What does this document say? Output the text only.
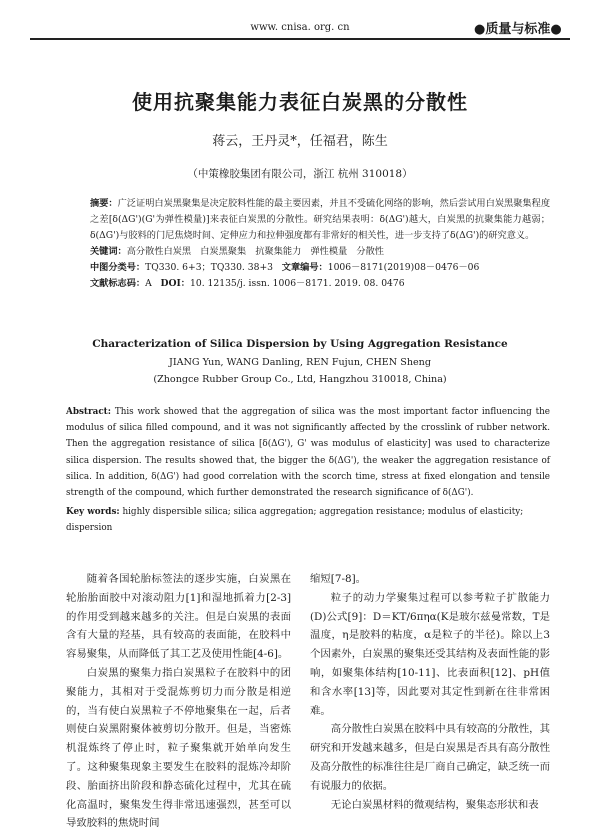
www. cnisa. org. cn	●质量与标准●
使用抗聚集能力表征白炭黑的分散性
蒋云，王丹灵*，任福君，陈生
（中策橡胶集团有限公司，浙江 杭州 310018）
摘要：广泛证明白炭黑聚集是决定胶料性能的最主要因素，并且不受硫化网络的影响，然后尝试用白炭黑聚集程度之差[δ(ΔG')(G'为弹性模量)]来表征白炭黑的分散性。研究结果表明：δ(ΔG')越大，白炭黑的抗聚集能力越弱；δ(ΔG')与胶料的门尼焦烧时间、定伸应力和拉伸强度都有非常好的相关性，进一步支持了δ(ΔG')的研究意义。
关键词：高分散性白炭黑　白炭黑聚集　抗聚集能力　弹性模量　分散性
中图分类号：TQ330. 6+3；TQ330. 38+3 文章编号：1006－8171(2019)08－0476－06
文献标志码：A DOI：10. 12135/j. issn. 1006－8171. 2019. 08. 0476
Characterization of Silica Dispersion by Using Aggregation Resistance
JIANG Yun, WANG Danling, REN Fujun, CHEN Sheng
(Zhongce Rubber Group Co., Ltd, Hangzhou 310018, China)
Abstract: This work showed that the aggregation of silica was the most important factor influencing the modulus of silica filled compound, and it was not significantly affected by the crosslink of rubber network. Then the aggregation resistance of silica [δ(ΔG'), G' was modulus of elasticity] was used to characterize silica dispersion. The results showed that, the bigger the δ(ΔG'), the weaker the aggregation resistance of silica. In addition, δ(ΔG') had good correlation with the scorch time, stress at fixed elongation and tensile strength of the compound, which further demonstrated the research significance of δ(ΔG').
Key words: highly dispersible silica; silica aggregation; aggregation resistance; modulus of elasticity; dispersion

随着各国轮胎标签法的逐步实施，白炭黑在轮胎胎面胶中对滚动阻力[1]和湿地抓着力[2-3]的作用受到越来越多的关注。但是白炭黑的表面含有大量的羟基，具有较高的表面能，在胶料中容易聚集，从而降低了其工艺及使用性能[4-6]。

白炭黑的聚集力指白炭黑粒子在胶料中的团聚能力，其相对于受混炼剪切力而分散是相逆的，当有使白炭黑粒子不停地聚集在一起，后者则使白炭黑附聚体被剪切分散开。但是，当密炼机混炼终了停止时，粒子聚集就开始单向发生了。这种聚集现象主要发生在胶料的混炼冷却阶段、胎面挤出阶段和静态硫化过程中，尤其在硫化高温时，聚集发生得非常迅速强烈，甚至可以导致胶料的焦烧时间

缩短[7-8]。

粒子的动力学聚集过程可以参考粒子扩散能力(D)公式[9]：D＝KT/6πηα(K是玻尔兹曼常数，T是温度，η是胶料的粘度，α是粒子的半径)。除以上3个因素外，白炭黑的聚集还受其结构及表面性能的影响，如聚集体结构[10-11]、比表面积[12]、pH值和含水率[13]等，因此要对其定性到新在往非常困难。

高分散性白炭黑在胶料中具有较高的分散性，其研究和开发越来越多，但是白炭黑是否具有高分散性及高分散性的标准往往是厂商自己确定，缺乏统一而有说服力的依据。

无论白炭黑材料的微观结构，聚集态形状和表
